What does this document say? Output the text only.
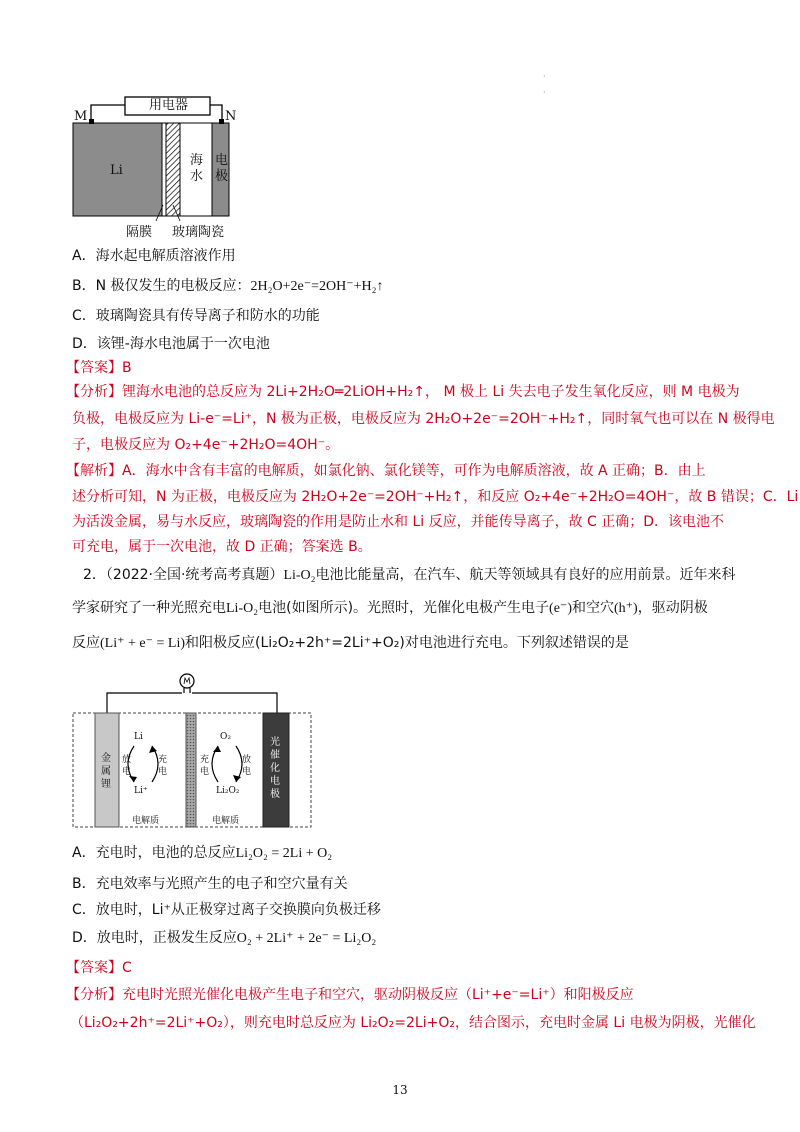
·

·
用电器
M	N
Li
海水
电极
隔膜 玻璃陶瓷
A．海水起电解质溶液作用
B．N 极仅发生的电极反应：2H₂O+2e⁻=2OH⁻+H₂↑
C．玻璃陶瓷具有传导离子和防水的功能
D．该锂-海水电池属于一次电池
【答案】B
【分析】锂海水电池的总反应为 2Li+2H₂O═2LiOH+H₂↑， M 极上 Li 失去电子发生氧化反应，则 M 电极为
负极，电极反应为 Li-e⁻=Li⁺，N 极为正极，电极反应为 2H₂O+2e⁻=2OH⁻+H₂↑，同时氧气也可以在 N 极得电
子，电极反应为 O₂+4e⁻+2H₂O=4OH⁻。
【解析】A．海水中含有丰富的电解质，如氯化钠、氯化镁等，可作为电解质溶液，故 A 正确；B．由上
述分析可知，N 为正极，电极反应为 2H₂O+2e⁻=2OH⁻+H₂↑，和反应 O₂+4e⁻+2H₂O=4OH⁻，故 B 错误；C．Li
为活泼金属，易与水反应，玻璃陶瓷的作用是防止水和 Li 反应，并能传导离子，故 C 正确；D．该电池不
可充电，属于一次电池，故 D 正确；答案选 B。
2．（2022·全国·统考高考真题）Li-O₂电池比能量高，在汽车、航天等领域具有良好的应用前景。近年来科
学家研究了一种光照充电Li-O₂电池(如图所示)。光照时，光催化电极产生电子(e⁻)和空穴(h⁺)，驱动阴极
反应(Li⁺ + e⁻ = Li)和阳极反应(Li₂O₂+2h⁺=2Li⁺+O₂)对电池进行充电。下列叙述错误的是
金属锂
光催化电极
Li
Li⁺
放电
充电
O₂
Li₂O₂
充电
放电
电解质	电解质
A．充电时，电池的总反应Li₂O₂ = 2Li + O₂
B．充电效率与光照产生的电子和空穴量有关
C．放电时，Li⁺从正极穿过离子交换膜向负极迁移
D．放电时，正极发生反应O₂ + 2Li⁺ + 2e⁻ = Li₂O₂
【答案】C
【分析】充电时光照光催化电极产生电子和空穴，驱动阴极反应（Li⁺+e⁻=Li⁺）和阳极反应
（Li₂O₂+2h⁺=2Li⁺+O₂），则充电时总反应为 Li₂O₂=2Li+O₂，结合图示，充电时金属 Li 电极为阴极，光催化
13
